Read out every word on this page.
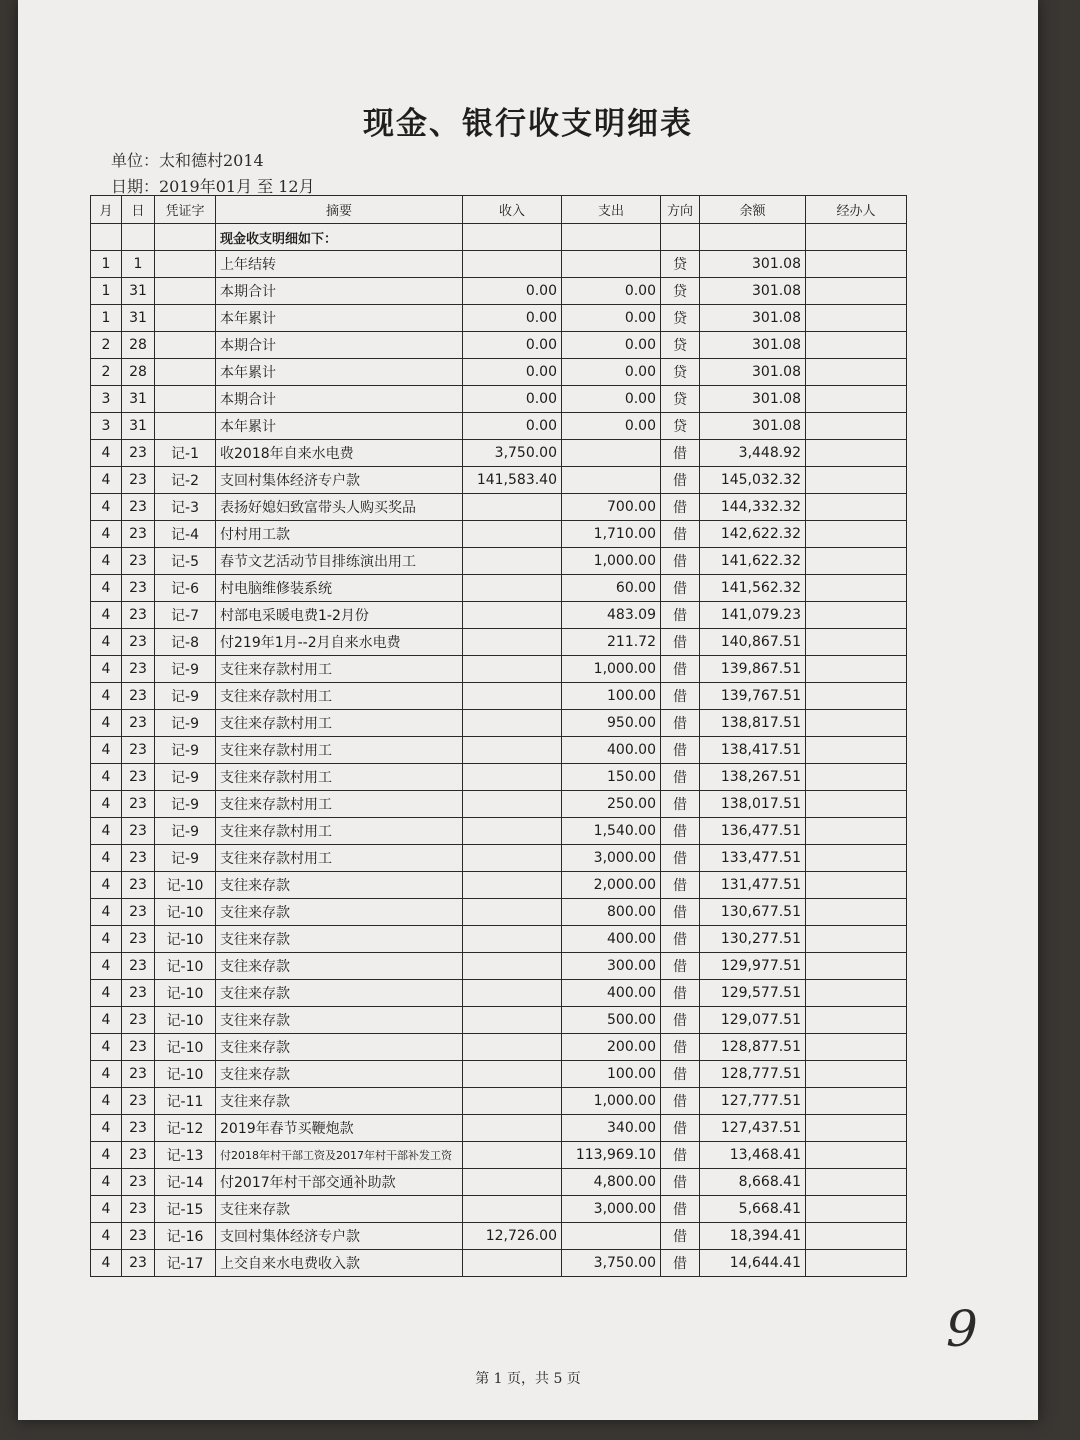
现金、银行收支明细表
单位：太和德村2014
日期：2019年01月 至 12月
月	日	凭证字	摘要	收入	支出	方向	余额	经办人
			现金收支明细如下：					
1	1		上年结转			贷	301.08	
1	31		本期合计	0.00	0.00	贷	301.08	
1	31		本年累计	0.00	0.00	贷	301.08	
2	28		本期合计	0.00	0.00	贷	301.08	
2	28		本年累计	0.00	0.00	贷	301.08	
3	31		本期合计	0.00	0.00	贷	301.08	
3	31		本年累计	0.00	0.00	贷	301.08	
4	23	记-1	收2018年自来水电费	3,750.00		借	3,448.92	
4	23	记-2	支回村集体经济专户款	141,583.40		借	145,032.32	
4	23	记-3	表扬好媳妇致富带头人购买奖品		700.00	借	144,332.32	
4	23	记-4	付村用工款		1,710.00	借	142,622.32	
4	23	记-5	春节文艺活动节目排练演出用工		1,000.00	借	141,622.32	
4	23	记-6	村电脑维修装系统		60.00	借	141,562.32	
4	23	记-7	村部电采暖电费1-2月份		483.09	借	141,079.23	
4	23	记-8	付219年1月--2月自来水电费		211.72	借	140,867.51	
4	23	记-9	支往来存款村用工		1,000.00	借	139,867.51	
4	23	记-9	支往来存款村用工		100.00	借	139,767.51	
4	23	记-9	支往来存款村用工		950.00	借	138,817.51	
4	23	记-9	支往来存款村用工		400.00	借	138,417.51	
4	23	记-9	支往来存款村用工		150.00	借	138,267.51	
4	23	记-9	支往来存款村用工		250.00	借	138,017.51	
4	23	记-9	支往来存款村用工		1,540.00	借	136,477.51	
4	23	记-9	支往来存款村用工		3,000.00	借	133,477.51	
4	23	记-10	支往来存款		2,000.00	借	131,477.51	
4	23	记-10	支往来存款		800.00	借	130,677.51	
4	23	记-10	支往来存款		400.00	借	130,277.51	
4	23	记-10	支往来存款		300.00	借	129,977.51	
4	23	记-10	支往来存款		400.00	借	129,577.51	
4	23	记-10	支往来存款		500.00	借	129,077.51	
4	23	记-10	支往来存款		200.00	借	128,877.51	
4	23	记-10	支往来存款		100.00	借	128,777.51	
4	23	记-11	支往来存款		1,000.00	借	127,777.51	
4	23	记-12	2019年春节买鞭炮款		340.00	借	127,437.51	
4	23	记-13	付2018年村干部工资及2017年村干部补发工资		113,969.10	借	13,468.41	
4	23	记-14	付2017年村干部交通补助款		4,800.00	借	8,668.41	
4	23	记-15	支往来存款		3,000.00	借	5,668.41	
4	23	记-16	支回村集体经济专户款	12,726.00		借	18,394.41	
4	23	记-17	上交自来水电费收入款		3,750.00	借	14,644.41	
第 1 页，共 5 页
9
